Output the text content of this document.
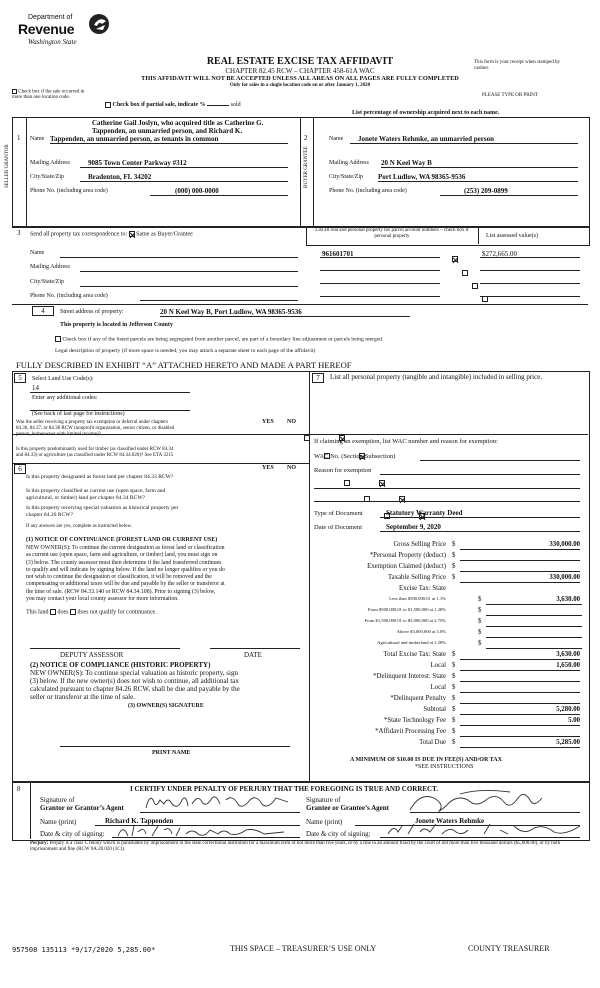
Department of
Revenue
Washington State
REAL ESTATE EXCISE TAX AFFIDAVIT
CHAPTER 82.45 RCW – CHAPTER 458-61A WAC
THIS AFFIDAVIT WILL NOT BE ACCEPTED UNLESS ALL AREAS ON ALL PAGES ARE FULLY COMPLETED
Only for sales in a single location code on or after January 1, 2020
This form is your receipt when stamped by cashier.
PLEASE TYPE OR PRINT
Check box if the sale occurred in more than one location code.
Check box if partial sale, indicate %	sold
List percentage of ownership acquired next to each name.
SELLER GRANTOR	BUYER GRANTEE
1 Name
Catherine Gail Joslyn, who acquired title as Catherine G.
Tappenden, an unmarried person, and Richard K.
Tappenden, an unmarried person, as tenants in common
Mailing Address	9085 Town Center Parkway #312
City/State/Zip	Bradenton, FL 34202
Phone No. (including area code)	(000) 000-0000
2	Name	Jonete Waters Rehmke, an unmarried person
Mailing Address 20 N Keel Way B
City/State/Zip Port Ludlow, WA 98365-9536
Phone No. (including area code)	(253) 209-0899
3 Send all property tax correspondence to: Same as Buyer/Grantee
Name
Mailing Address
City/State/Zip
Phone No. (including area code)
List all real and personal property tax parcel account numbers – check box if personal property	List assessed value(s)
961601701
	$272,665.00

4	Street address of property:	20 N Keel Way B, Port Ludlow, WA 98365-9536
This property is located in Jefferson County
Check box if any of the listed parcels are being segregated from another parcel, are part of a boundary line adjustment or parcels being merged.
Legal description of property (if more space is needed, you may attach a separate sheet to each page of the affidavit)
FULLY DESCRIBED IN EXHIBIT “A” ATTACHED HERETO AND MADE A PART HEREOF
5	Select Land Use Code(s):
14
Enter any additional codes:
(See back of last page for instructions)
YES NO
Was the seller receiving a property tax exemption or deferral under chapters
84.36, 84.37, or 84.38 RCW (nonprofit organization, senior citizen, or disabled
person, homeowner with limited income)?

Is this property predominantly used for timber (as classified under RCW 84.34
and 84.33) or agriculture (as classified under RCW 84.34.020)? See ETA 3215

6	YES NO
Is this property designated as forest land per chapter 84.33 RCW?

Is this property classified as current use (open space, farm and
agricultural, or timber) land per chapter 84.34 RCW?

Is this property receiving special valuation as historical property per
chapter 84.26 RCW?

If any answers are yes, complete as instructed below.
(1) NOTICE OF CONTINUANCE (FOREST LAND OR CURRENT USE)
NEW OWNER(S): To continue the current designation as forest land or classification
as current use (open space, farm and agriculture, or timber) land, you must sign on
(3) below. The county assessor must then determine if the land transferred continues
to qualify and will indicate by signing below. If the land no longer qualifies or you do
not wish to continue the designation or classification, it will be removed and the
compensating or additional taxes will be due and payable by the seller or transferor at
the time of sale. (RCW 84.33.140 or RCW 84.34.108). Prior to signing (3) below,
you may contact your local county assessor for more information.
This land does does not qualify for continuance.
DEPUTY ASSESSOR	DATE
(2) NOTICE OF COMPLIANCE (HISTORIC PROPERTY)
NEW OWNER(S): To continue special valuation as historic property, sign
(3) below. If the new owner(s) does not wish to continue, all additional tax
calculated pursuant to chapter 84.26 RCW, shall be due and payable by the
seller or transferor at the time of sale.
(3) OWNER(S) SIGNATURE
PRINT NAME
7	List all personal property (tangible and intangible) included in selling price.
If claiming an exemption, list WAC number and reason for exemption:
WAC No. (Section/Subsection)
Reason for exemption
Type of Document	Statutory Warranty Deed
Date of Document	September 9, 2020
Gross Selling Price $	330,000.00
*Personal Property (deduct) $
Exemption Claimed (deduct) $
Taxable Selling Price $	330,000.00
Excise Tax: State
Less than $500,000.01 at 1.1%	$	3,630.00
From $500,000.01 to $1,500,000 at 1.28%	$
From $1,500,000.01 to $3,000,000 at 2.75%	$
Above $3,000,000 at 3.0%	$
Agricultural and timberland at 1.28%	$
Total Excise Tax: State $	3,630.00
Local $	1,650.00
*Delinquent Interest: State $
Local $
*Delinquent Penalty $
Subtotal $	5,280.00
*State Technology Fee $	5.00
*Affidavit Processing Fee $
Total Due $	5,285.00
A MINIMUM OF $10.00 IS DUE IN FEE(S) AND/OR TAX
*SEE INSTRUCTIONS
8	I CERTIFY UNDER PENALTY OF PERJURY THAT THE FOREGOING IS TRUE AND CORRECT.
Signature of
Grantor or Grantor’s Agent
Signature of
Grantee or Grantee’s Agent
Name (print)	Richard K. Tappenden	Name (print)	Jonete Waters Rehmke
Date & city of signing:	Date & city of signing:
Perjury: Perjury is a class C felony which is punishable by imprisonment in the state correctional institution for a maximum term of not more than five years, or by a fine in an amount fixed by the court of not more than five thousand dollars ($5,000.00), or by both imprisonment and fine (RCW 9A.20.020 (1C)).
957508 135113 *9/17/2020 5,285.00*	THIS SPACE – TREASURER’S USE ONLY	COUNTY TREASURER
